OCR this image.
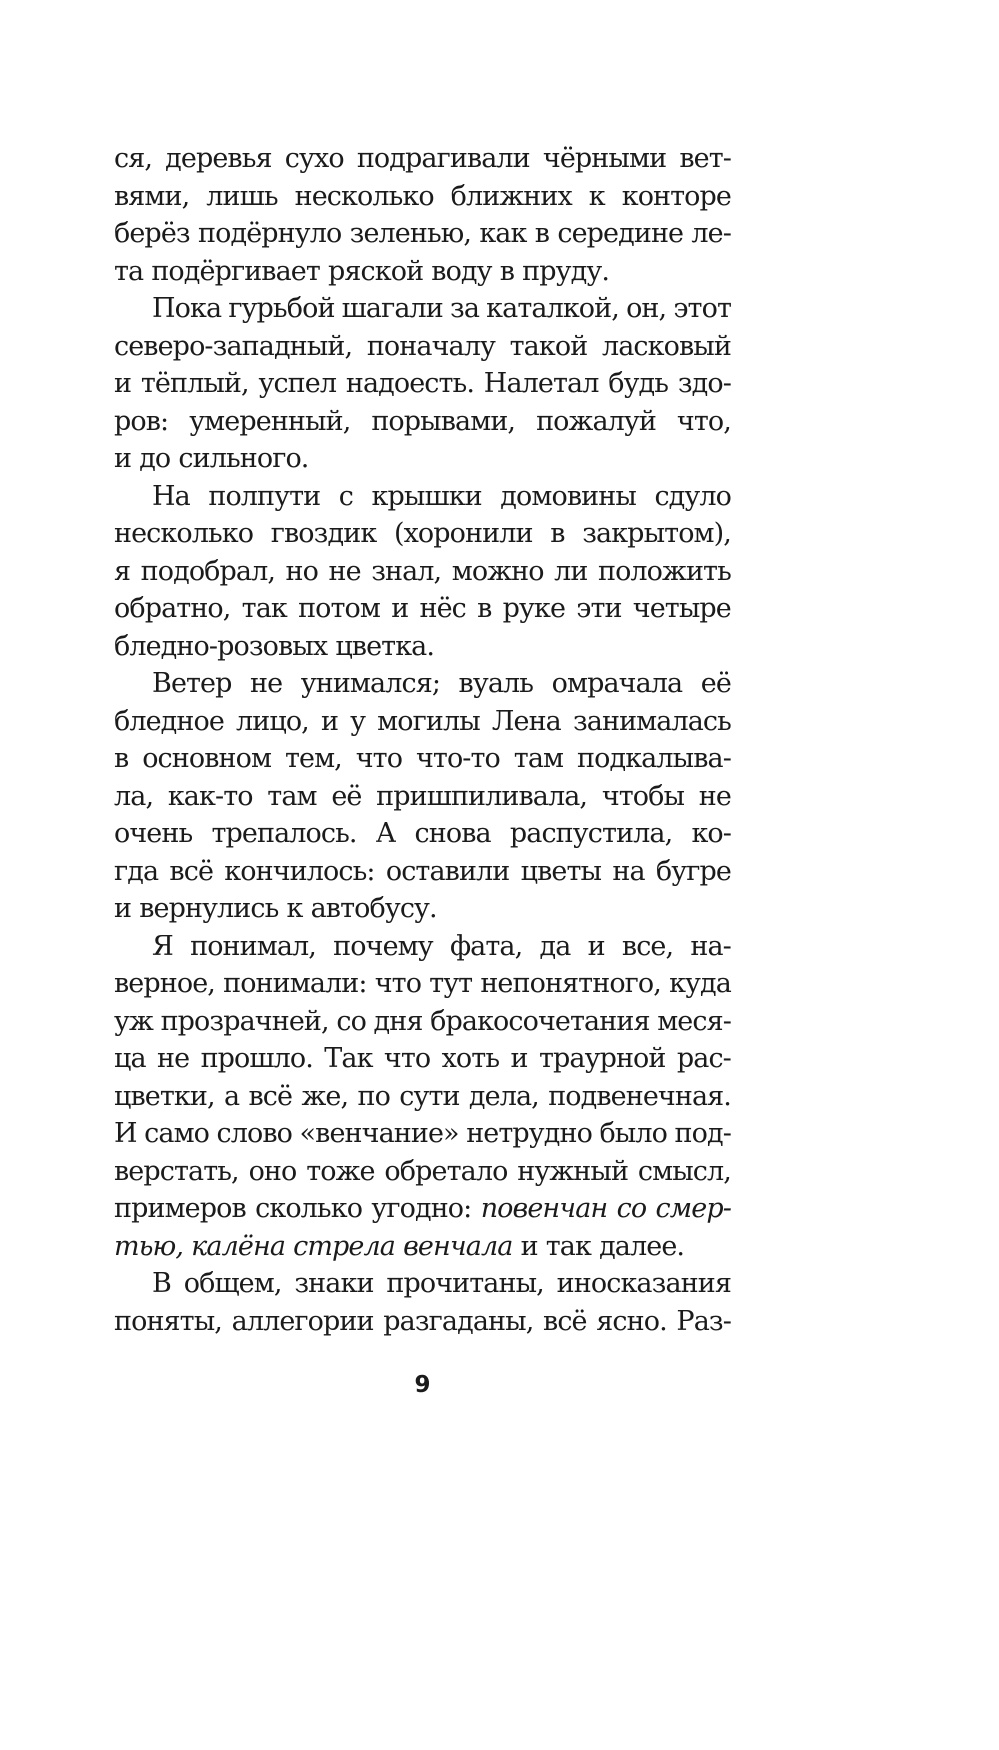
ся, деревья сухо подрагивали чёрными вет-
вями, лишь несколько ближних к конторе
берёз подёрнуло зеленью, как в середине ле-
та подёргивает ряской воду в пруду.
Пока гурьбой шагали за каталкой, он, этот
северо-западный, поначалу такой ласковый
и тёплый, успел надоесть. Налетал будь здо-
ров: умеренный, порывами, пожалуй что,
и до сильного.
На полпути с крышки домовины сдуло
несколько гвоздик (хоронили в закрытом),
я подобрал, но не знал, можно ли положить
обратно, так потом и нёс в руке эти четыре
бледно-розовых цветка.
Ветер не унимался; вуаль омрачала её
бледное лицо, и у могилы Лена занималась
в основном тем, что что-то там подкалыва-
ла, как-то там её пришпиливала, чтобы не
очень трепалось. А снова распустила, ко-
гда всё кончилось: оставили цветы на бугре
и вернулись к автобусу.
Я понимал, почему фата, да и все, на-
верное, понимали: что тут непонятного, куда
уж прозрачней, со дня бракосочетания меся-
ца не прошло. Так что хоть и траурной рас-
цветки, а всё же, по сути дела, подвенечная.
И само слово «венчание» нетрудно было под-
верстать, оно тоже обретало нужный смысл,
примеров сколько угодно: повенчан со смер-
тью, калёна стрела венчала и так далее.
В общем, знаки прочитаны, иносказания
поняты, аллегории разгаданы, всё ясно. Раз-
9
